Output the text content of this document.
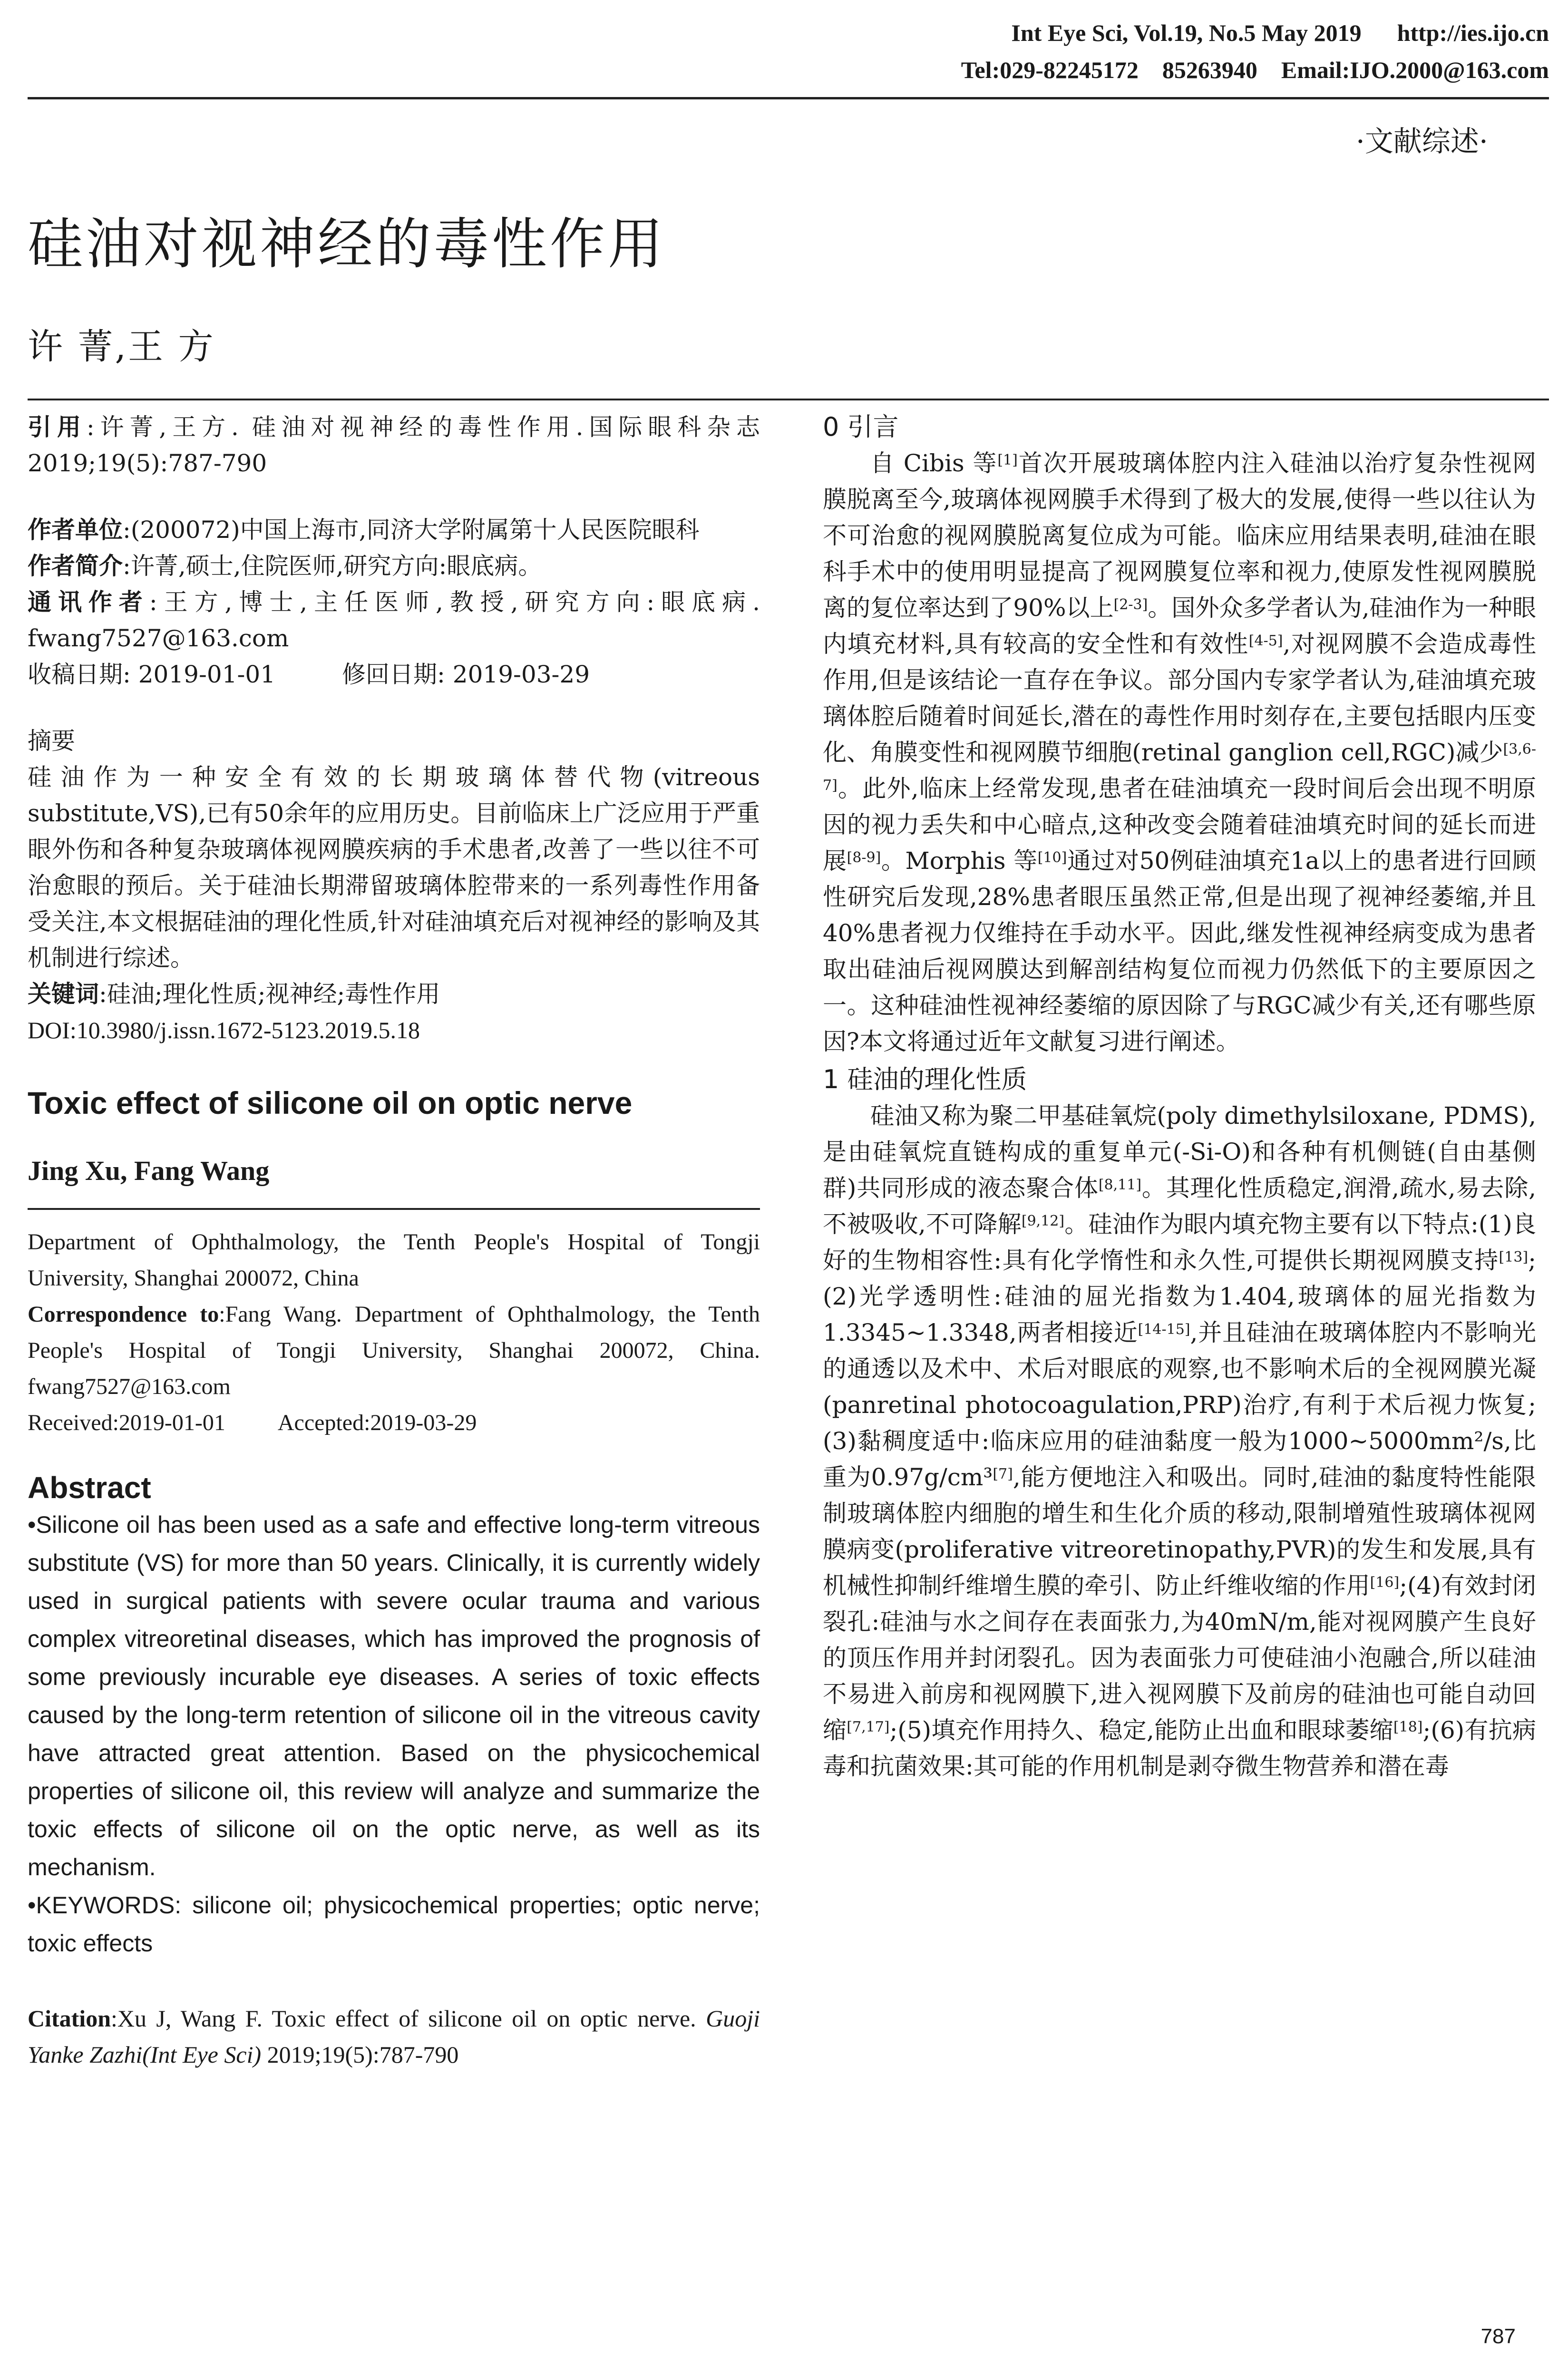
Int Eye Sci, Vol.19, No.5 May 2019      http://ies.ijo.cn
Tel:029-82245172    85263940    Email:IJO.2000@163.com
·文献综述·
硅油对视神经的毒性作用
许 菁,王 方

引用:许菁,王方. 硅油对视神经的毒性作用.国际眼科杂志 2019;19(5):787-790

作者单位:(200072)中国上海市,同济大学附属第十人民医院眼科

作者简介:许菁,硕士,住院医师,研究方向:眼底病。

通讯作者:王方,博士,主任医师,教授,研究方向:眼底病. fwang7527@163.com

收稿日期: 2019-01-01	修回日期: 2019-03-29

摘要

硅油作为一种安全有效的长期玻璃体替代物(vitreous substitute,VS),已有50余年的应用历史。目前临床上广泛应用于严重眼外伤和各种复杂玻璃体视网膜疾病的手术患者,改善了一些以往不可治愈眼的预后。关于硅油长期滞留玻璃体腔带来的一系列毒性作用备受关注,本文根据硅油的理化性质,针对硅油填充后对视神经的影响及其机制进行综述。

关键词:硅油;理化性质;视神经;毒性作用

DOI:10.3980/j.issn.1672-5123.2019.5.18

Toxic effect of silicone oil on optic nerve

Jing Xu, Fang Wang

Department of Ophthalmology, the Tenth People's Hospital of Tongji University, Shanghai 200072, China

Correspondence to:Fang Wang. Department of Ophthalmology, the Tenth People's Hospital of Tongji University, Shanghai 200072, China. fwang7527@163.com

Received:2019-01-01 Accepted:2019-03-29

Abstract

•Silicone oil has been used as a safe and effective long-term vitreous substitute (VS) for more than 50 years. Clinically, it is currently widely used in surgical patients with severe ocular trauma and various complex vitreoretinal diseases, which has improved the prognosis of some previously incurable eye diseases. A series of toxic effects caused by the long-term retention of silicone oil in the vitreous cavity have attracted great attention. Based on the physicochemical properties of silicone oil, this review will analyze and summarize the toxic effects of silicone oil on the optic nerve, as well as its mechanism.

•KEYWORDS: silicone oil; physicochemical properties; optic nerve; toxic effects

Citation:Xu J, Wang F. Toxic effect of silicone oil on optic nerve. Guoji Yanke Zazhi(Int Eye Sci) 2019;19(5):787-790

0 引言

自 Cibis 等[1]首次开展玻璃体腔内注入硅油以治疗复杂性视网膜脱离至今,玻璃体视网膜手术得到了极大的发展,使得一些以往认为不可治愈的视网膜脱离复位成为可能。临床应用结果表明,硅油在眼科手术中的使用明显提高了视网膜复位率和视力,使原发性视网膜脱离的复位率达到了90%以上[2-3]。国外众多学者认为,硅油作为一种眼内填充材料,具有较高的安全性和有效性[4-5],对视网膜不会造成毒性作用,但是该结论一直存在争议。部分国内专家学者认为,硅油填充玻璃体腔后随着时间延长,潜在的毒性作用时刻存在,主要包括眼内压变化、角膜变性和视网膜节细胞(retinal ganglion cell,RGC)减少[3,6-7]。此外,临床上经常发现,患者在硅油填充一段时间后会出现不明原因的视力丢失和中心暗点,这种改变会随着硅油填充时间的延长而进展[8-9]。Morphis 等[10]通过对50例硅油填充1a以上的患者进行回顾性研究后发现,28%患者眼压虽然正常,但是出现了视神经萎缩,并且40%患者视力仅维持在手动水平。因此,继发性视神经病变成为患者取出硅油后视网膜达到解剖结构复位而视力仍然低下的主要原因之一。这种硅油性视神经萎缩的原因除了与RGC减少有关,还有哪些原因?本文将通过近年文献复习进行阐述。

1 硅油的理化性质

硅油又称为聚二甲基硅氧烷(poly dimethylsiloxane, PDMS),是由硅氧烷直链构成的重复单元(-Si-O)和各种有机侧链(自由基侧群)共同形成的液态聚合体[8,11]。其理化性质稳定,润滑,疏水,易去除,不被吸收,不可降解[9,12]。硅油作为眼内填充物主要有以下特点:(1)良好的生物相容性:具有化学惰性和永久性,可提供长期视网膜支持[13];(2)光学透明性:硅油的屈光指数为1.404,玻璃体的屈光指数为1.3345~1.3348,两者相接近[14-15],并且硅油在玻璃体腔内不影响光的通透以及术中、术后对眼底的观察,也不影响术后的全视网膜光凝(panretinal photocoagulation,PRP)治疗,有利于术后视力恢复;(3)黏稠度适中:临床应用的硅油黏度一般为1000~5000mm²/s,比重为0.97g/cm³[7],能方便地注入和吸出。同时,硅油的黏度特性能限制玻璃体腔内细胞的增生和生化介质的移动,限制增殖性玻璃体视网膜病变(proliferative vitreoretinopathy,PVR)的发生和发展,具有机械性抑制纤维增生膜的牵引、防止纤维收缩的作用[16];(4)有效封闭裂孔:硅油与水之间存在表面张力,为40mN/m,能对视网膜产生良好的顶压作用并封闭裂孔。因为表面张力可使硅油小泡融合,所以硅油不易进入前房和视网膜下,进入视网膜下及前房的硅油也可能自动回缩[7,17];(5)填充作用持久、稳定,能防止出血和眼球萎缩[18];(6)有抗病毒和抗菌效果:其可能的作用机制是剥夺微生物营养和潜在毒

787
